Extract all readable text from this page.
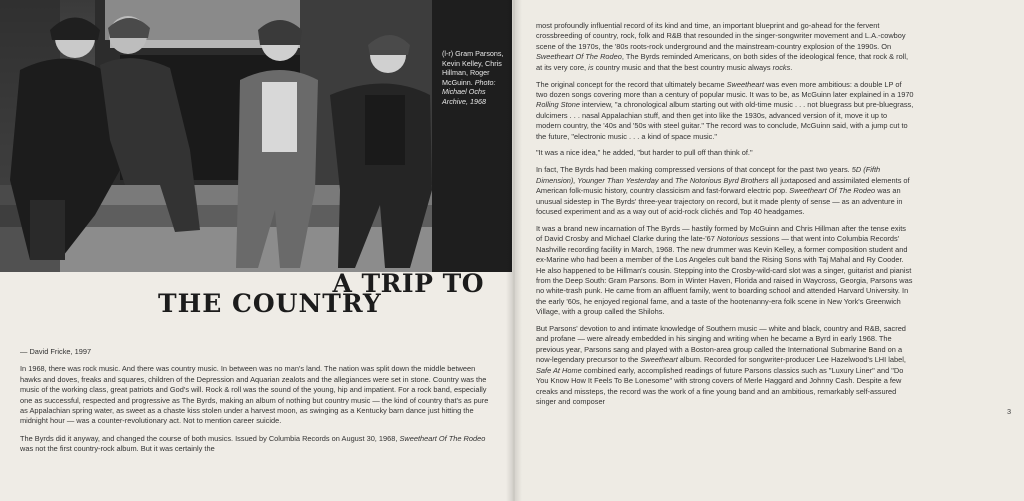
(l-r) Gram Parsons, Kevin Kelley, Chris Hillman, Roger McGuinn. Photo: Michael Ochs Archive, 1968
A TRIP TO
THE COUNTRY

— David Fricke, 1997

In 1968, there was rock music. And there was country music. In between was no man's land. The nation was split down the middle between hawks and doves, freaks and squares, children of the Depression and Aquarian zealots and the allegiances were set in stone. Country was the music of the working class, great patriots and God's will. Rock & roll was the sound of the young, hip and impatient. For a rock band, especially one as successful, respected and progressive as The Byrds, making an album of nothing but country music — the kind of country that's as pure as Appalachian spring water, as sweet as a chaste kiss stolen under a harvest moon, as swinging as a Kentucky barn dance just hitting the midnight hour — was a counter-revolutionary act. Not to mention career suicide.

The Byrds did it anyway, and changed the course of both musics. Issued by Columbia Records on August 30, 1968, Sweetheart Of The Rodeo was not the first country-rock album. But it was certainly the

most profoundly influential record of its kind and time, an important blueprint and go-ahead for the fervent crossbreeding of country, rock, folk and R&B that resounded in the singer-songwriter movement and L.A.-cowboy scene of the 1970s, the '80s roots-rock underground and the mainstream-country explosion of the 1990s. On Sweetheart Of The Rodeo, The Byrds reminded Americans, on both sides of the ideological fence, that rock & roll, at its very core, is country music and that the best country music always rocks.

The original concept for the record that ultimately became Sweetheart was even more ambitious: a double LP of two dozen songs covering more than a century of popular music. It was to be, as McGuinn later explained in a 1970 Rolling Stone interview, "a chronological album starting out with old-time music . . . not bluegrass but pre-bluegrass, dulcimers . . . nasal Appalachian stuff, and then get into like the 1930s, advanced version of it, move it up to modern country, the '40s and '50s with steel guitar." The record was to conclude, McGuinn said, with a jump cut to the future, "electronic music . . . a kind of space music."

"It was a nice idea," he added, "but harder to pull off than think of."

In fact, The Byrds had been making compressed versions of that concept for the past two years. 5D (Fifth Dimension), Younger Than Yesterday and The Notorious Byrd Brothers all juxtaposed and assimilated elements of American folk-music history, country classicism and fast-forward electric pop. Sweetheart Of The Rodeo was an unusual sidestep in The Byrds' three-year trajectory on record, but it made plenty of sense — as an adventure in focused experiment and as a way out of acid-rock clichés and Top 40 headgames.

It was a brand new incarnation of The Byrds — hastily formed by McGuinn and Chris Hillman after the tense exits of David Crosby and Michael Clarke during the late-'67 Notorious sessions — that went into Columbia Records' Nashville recording facility in March, 1968. The new drummer was Kevin Kelley, a former composition student and ex-Marine who had been a member of the Los Angeles cult band the Rising Sons with Taj Mahal and Ry Cooder. He also happened to be Hillman's cousin. Stepping into the Crosby-wild-card slot was a singer, guitarist and pianist from the Deep South: Gram Parsons. Born in Winter Haven, Florida and raised in Waycross, Georgia, Parsons was no white-trash punk. He came from an affluent family, went to boarding school and attended Harvard University. In the early '60s, he enjoyed regional fame, and a taste of the hootenanny-era folk scene in New York's Greenwich Village, with a group called the Shilohs.

But Parsons' devotion to and intimate knowledge of Southern music — white and black, country and R&B, sacred and profane — were already embedded in his singing and writing when he became a Byrd in early 1968. The previous year, Parsons sang and played with a Boston-area group called the International Submarine Band on a now-legendary precursor to the Sweetheart album. Recorded for songwriter-producer Lee Hazelwood's LHI label, Safe At Home combined early, accomplished readings of future Parsons classics such as "Luxury Liner" and "Do You Know How It Feels To Be Lonesome" with strong covers of Merle Haggard and Johnny Cash. Despite a few creaks and missteps, the record was the work of a fine young band and an ambitious, remarkably self-assured singer and composer

3
